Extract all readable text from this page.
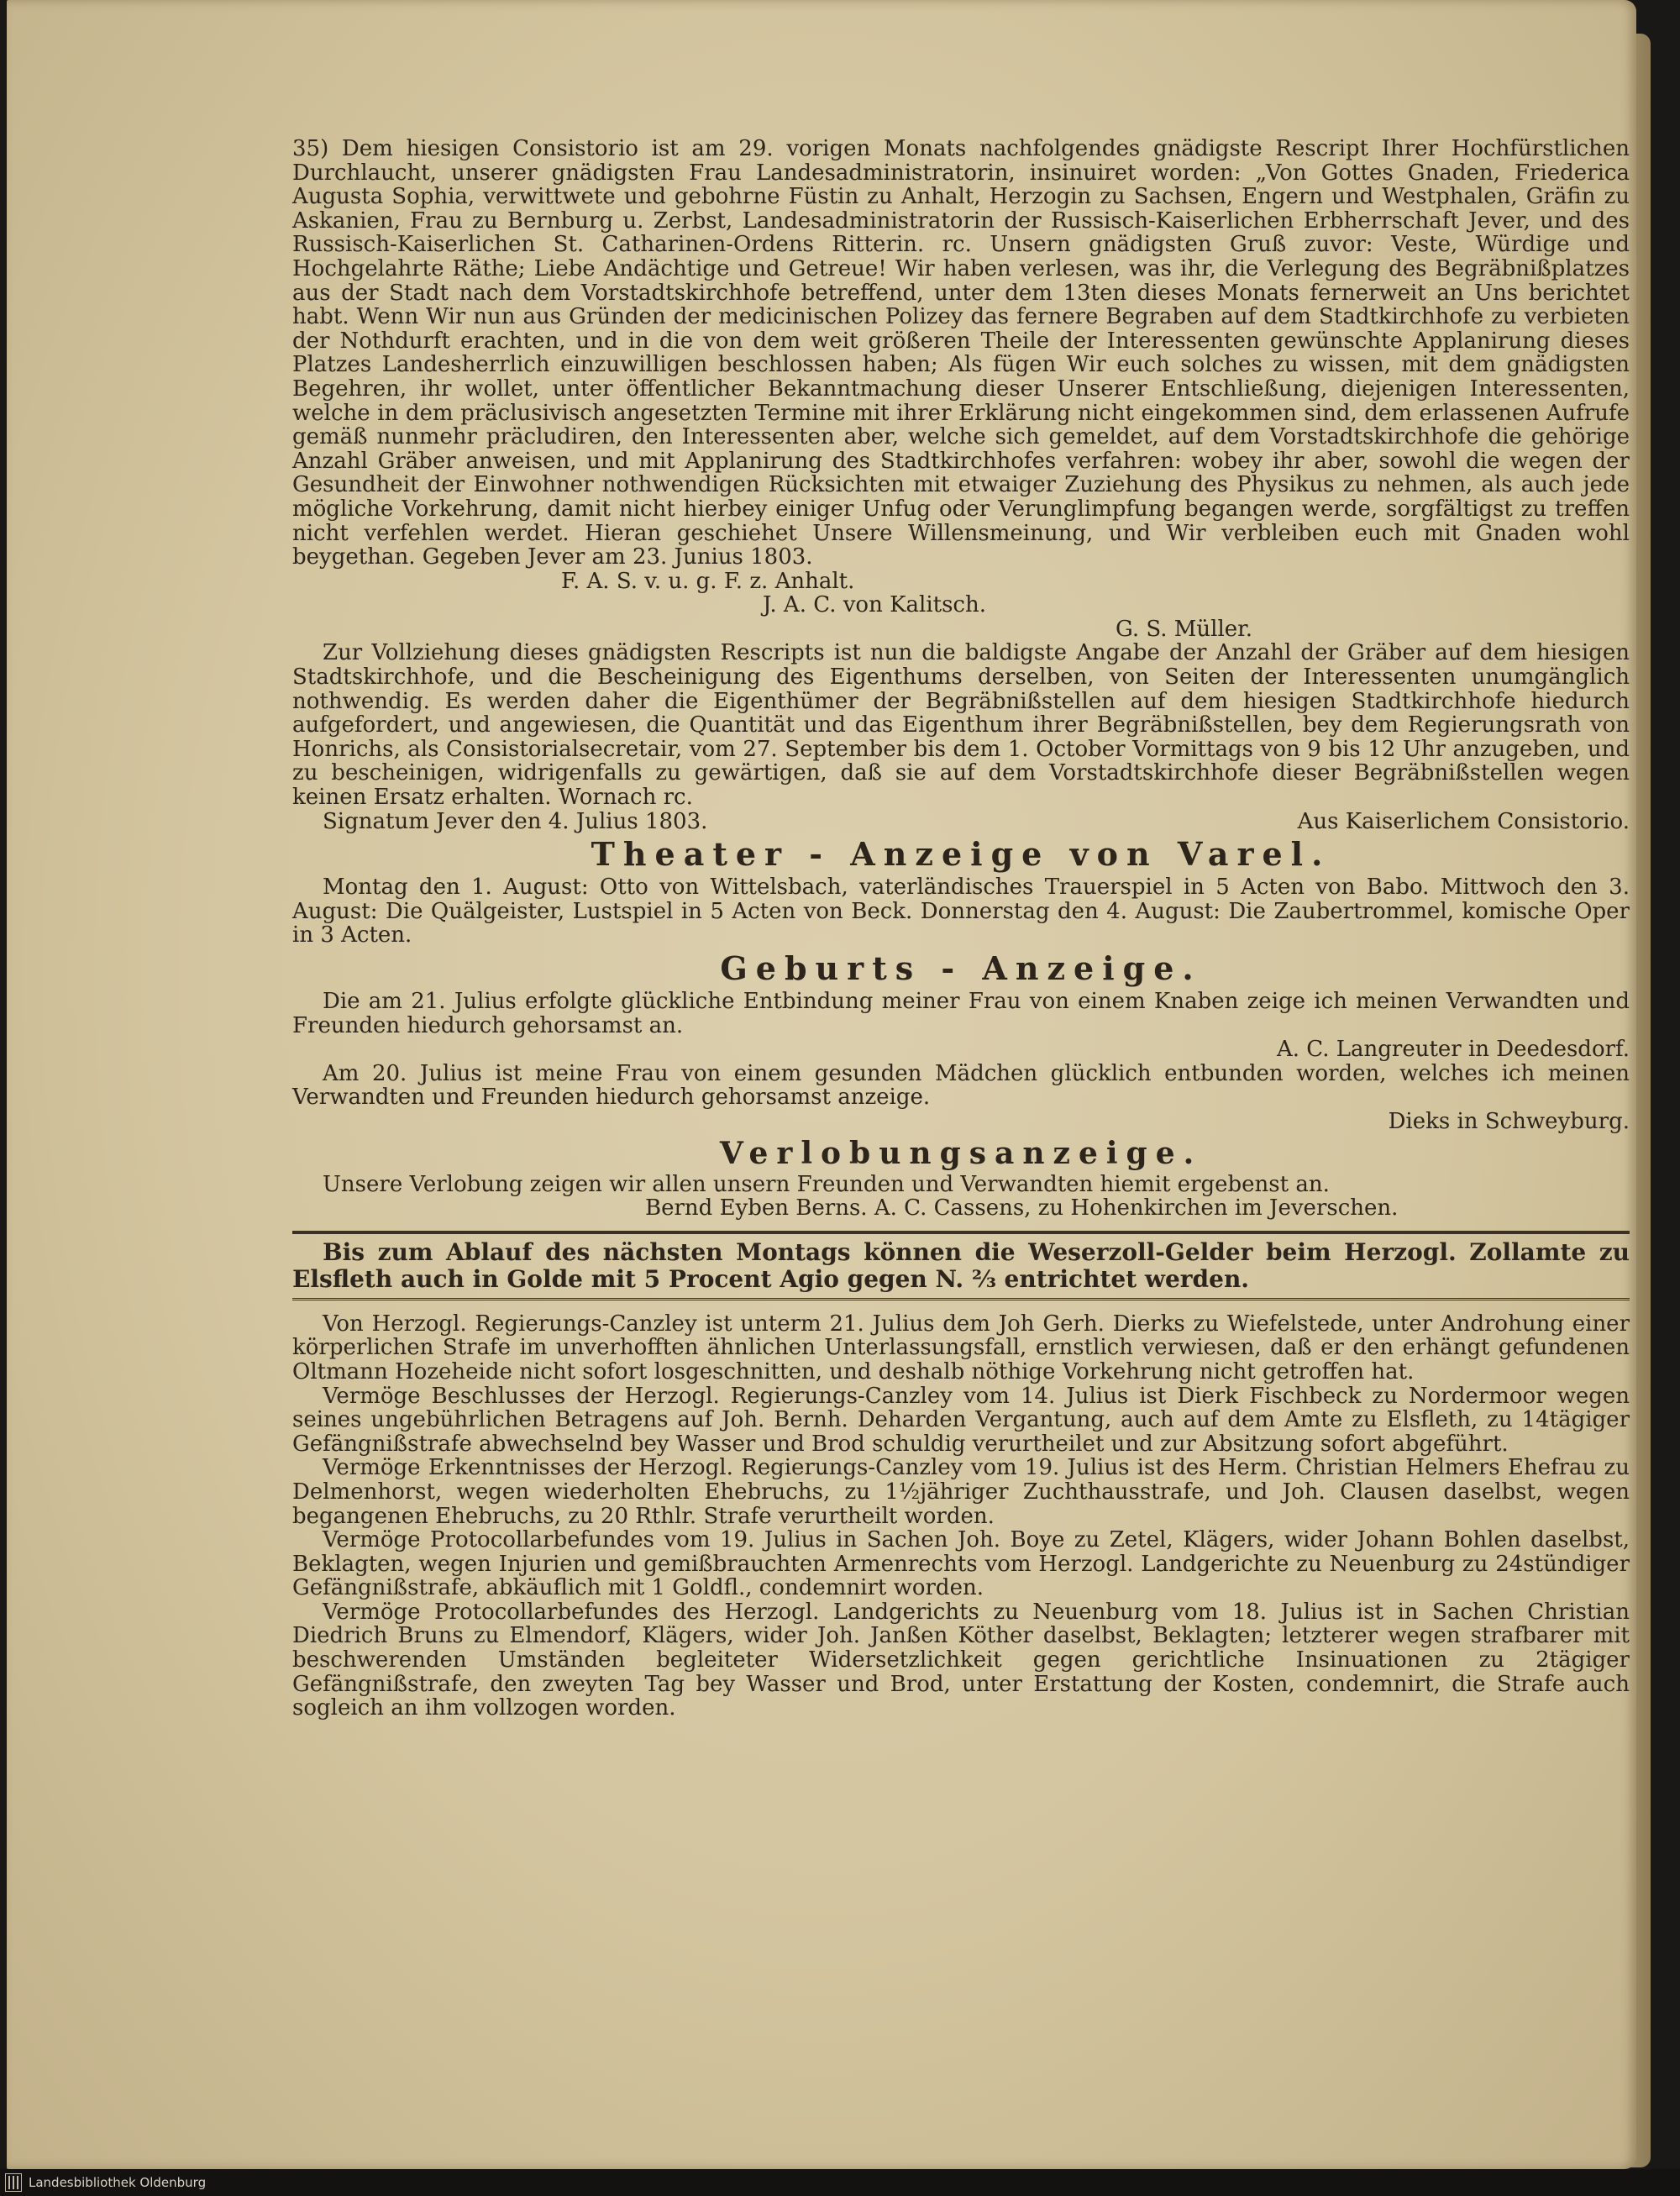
35) Dem hiesigen Consistorio ist am 29. vorigen Monats nachfolgendes gnädigste Rescript Ihrer Hochfürstlichen Durchlaucht, unserer gnädigsten Frau Landesadministratorin, insinuiret worden: „Von Gottes Gnaden, Friederica Augusta Sophia, verwittwete und gebohrne Füstin zu Anhalt, Herzogin zu Sachsen, Engern und Westphalen, Gräfin zu Askanien, Frau zu Bernburg u. Zerbst, Landesadministratorin der Russisch-Kaiserlichen Erbherrschaft Jever, und des Russisch-Kaiserlichen St. Catharinen-Ordens Ritterin. rc. Unsern gnädigsten Gruß zuvor: Veste, Würdige und Hochgelahrte Räthe; Liebe Andächtige und Getreue! Wir haben verlesen, was ihr, die Verlegung des Begräbnißplatzes aus der Stadt nach dem Vorstadtskirchhofe betreffend, unter dem 13ten dieses Monats fernerweit an Uns berichtet habt. Wenn Wir nun aus Gründen der medicinischen Polizey das fernere Begraben auf dem Stadtkirchhofe zu verbieten der Nothdurft erachten, und in die von dem weit größeren Theile der Interessenten gewünschte Applanirung dieses Platzes Landesherrlich einzuwilligen beschlossen haben; Als fügen Wir euch solches zu wissen, mit dem gnädigsten Begehren, ihr wollet, unter öffentlicher Bekanntmachung dieser Unserer Entschließung, diejenigen Interessenten, welche in dem präclusivisch angesetzten Termine mit ihrer Erklärung nicht eingekommen sind, dem erlassenen Aufrufe gemäß nunmehr präcludiren, den Interessenten aber, welche sich gemeldet, auf dem Vorstadtskirchhofe die gehörige Anzahl Gräber anweisen, und mit Applanirung des Stadtkirchhofes verfahren: wobey ihr aber, sowohl die wegen der Gesundheit der Einwohner nothwendigen Rücksichten mit etwaiger Zuziehung des Physikus zu nehmen, als auch jede mögliche Vorkehrung, damit nicht hierbey einiger Unfug oder Verunglimpfung begangen werde, sorgfältigst zu treffen nicht verfehlen werdet. Hieran geschiehet Unsere Willensmeinung, und Wir verbleiben euch mit Gnaden wohl beygethan. Gegeben Jever am 23. Junius 1803.

F. A. S. v. u. g. F. z. Anhalt.

J. A. C. von Kalitsch.

G. S. Müller.

Zur Vollziehung dieses gnädigsten Rescripts ist nun die baldigste Angabe der Anzahl der Gräber auf dem hiesigen Stadtskirchhofe, und die Bescheinigung des Eigenthums derselben, von Seiten der Interessenten unumgänglich nothwendig. Es werden daher die Eigenthümer der Begräbnißstellen auf dem hiesigen Stadtkirchhofe hiedurch aufgefordert, und angewiesen, die Quantität und das Eigenthum ihrer Begräbnißstellen, bey dem Regierungsrath von Honrichs, als Consistorialsecretair, vom 27. September bis dem 1. October Vormittags von 9 bis 12 Uhr anzugeben, und zu bescheinigen, widrigenfalls zu gewärtigen, daß sie auf dem Vorstadtskirchhofe dieser Begräbnißstellen wegen keinen Ersatz erhalten. Wornach rc.

Signatum Jever den 4. Julius 1803.	Aus Kaiserlichem Consistorio.
Theater - Anzeige von Varel.

Montag den 1. August: Otto von Wittelsbach, vaterländisches Trauerspiel in 5 Acten von Babo. Mittwoch den 3. August: Die Quälgeister, Lustspiel in 5 Acten von Beck. Donnerstag den 4. August: Die Zaubertrommel, komische Oper in 3 Acten.

Geburts - Anzeige.

Die am 21. Julius erfolgte glückliche Entbindung meiner Frau von einem Knaben zeige ich meinen Verwandten und Freunden hiedurch gehorsamst an.

A. C. Langreuter in Deedesdorf.

Am 20. Julius ist meine Frau von einem gesunden Mädchen glücklich entbunden worden, welches ich meinen Verwandten und Freunden hiedurch gehorsamst anzeige.

Dieks in Schweyburg.

Verlobungsanzeige.

Unsere Verlobung zeigen wir allen unsern Freunden und Verwandten hiemit ergebenst an.

Bernd Eyben Berns. A. C. Cassens, zu Hohenkirchen im Jeverschen.

Bis zum Ablauf des nächsten Montags können die Weserzoll-Gelder beim Herzogl. Zollamte zu Elsfleth auch in Golde mit 5 Procent Agio gegen N. ⅔ entrichtet werden.

Von Herzogl. Regierungs-Canzley ist unterm 21. Julius dem Joh Gerh. Dierks zu Wiefelstede, unter Androhung einer körperlichen Strafe im unverhofften ähnlichen Unterlassungsfall, ernstlich verwiesen, daß er den erhängt gefundenen Oltmann Hozeheide nicht sofort losgeschnitten, und deshalb nöthige Vorkehrung nicht getroffen hat.

Vermöge Beschlusses der Herzogl. Regierungs-Canzley vom 14. Julius ist Dierk Fischbeck zu Nordermoor wegen seines ungebührlichen Betragens auf Joh. Bernh. Deharden Vergantung, auch auf dem Amte zu Elsfleth, zu 14tägiger Gefängnißstrafe abwechselnd bey Wasser und Brod schuldig verurtheilet und zur Absitzung sofort abgeführt.

Vermöge Erkenntnisses der Herzogl. Regierungs-Canzley vom 19. Julius ist des Herm. Christian Helmers Ehefrau zu Delmenhorst, wegen wiederholten Ehebruchs, zu 1½jähriger Zuchthausstrafe, und Joh. Clausen daselbst, wegen begangenen Ehebruchs, zu 20 Rthlr. Strafe verurtheilt worden.

Vermöge Protocollarbefundes vom 19. Julius in Sachen Joh. Boye zu Zetel, Klägers, wider Johann Bohlen daselbst, Beklagten, wegen Injurien und gemißbrauchten Armenrechts vom Herzogl. Landgerichte zu Neuenburg zu 24stündiger Gefängnißstrafe, abkäuflich mit 1 Goldfl., condemnirt worden.

Vermöge Protocollarbefundes des Herzogl. Landgerichts zu Neuenburg vom 18. Julius ist in Sachen Christian Diedrich Bruns zu Elmendorf, Klägers, wider Joh. Janßen Köther daselbst, Beklagten; letzterer wegen strafbarer mit beschwerenden Umständen begleiteter Widersetzlichkeit gegen gerichtliche Insinuationen zu 2tägiger Gefängnißstrafe, den zweyten Tag bey Wasser und Brod, unter Erstattung der Kosten, condemnirt, die Strafe auch sogleich an ihm vollzogen worden.

Landesbibliothek Oldenburg
